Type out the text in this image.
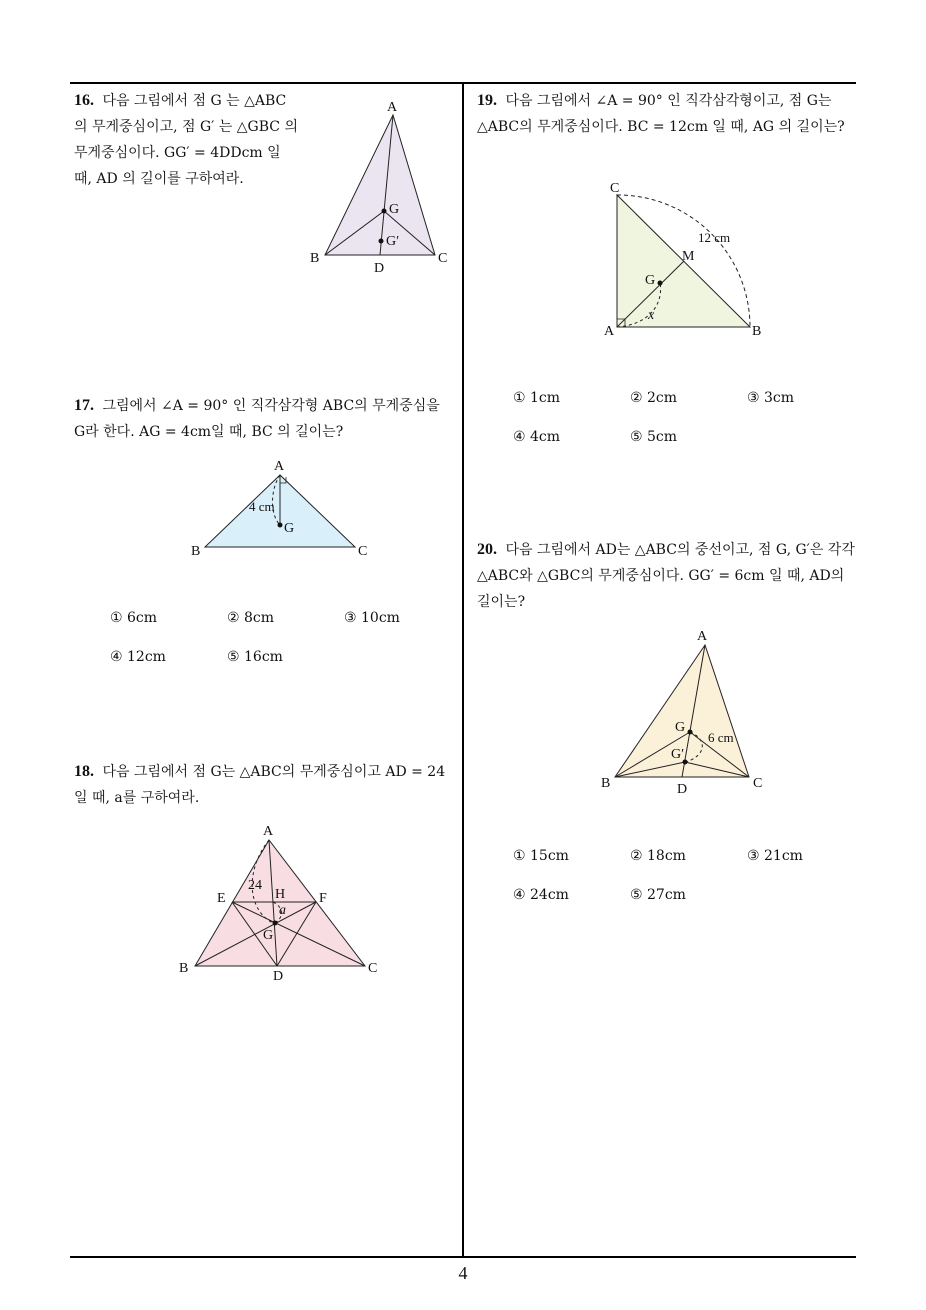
16. 다음 그림에서 점 G 는 △ABC 의 무게중심이고, 점 G′ 는 △GBC 의 무게중심이다. GG′ = 4DDcm 일 때, AD 의 길이를 구하여라.
A
B	C
D
G
G′
17. 그림에서 ∠A = 90° 인 직각삼각형 ABC의 무게중심을 G라 한다. AG = 4cm일 때, BC 의 길이는?
A
B	C
G
4 cm
① 6cm	② 8cm	③ 10cm
④ 12cm	⑤ 16cm
18. 다음 그림에서 점 G는 △ABC의 무게중심이고 AD = 24일 때, a를 구하여라.
A
B	C
D
E	F
G
H
24
a
19. 다음 그림에서 ∠A = 90° 인 직각삼각형이고, 점 G는 △ABC의 무게중심이다. BC = 12cm 일 때, AG 의 길이는?
C
A	B
M
G
12 cm
x
① 1cm	② 2cm	③ 3cm
④ 4cm	⑤ 5cm
20. 다음 그림에서 AD는 △ABC의 중선이고, 점 G, G′은 각각 △ABC와 △GBC의 무게중심이다. GG′ = 6cm 일 때, AD의 길이는?
A
B	C
D
G
G′
6 cm
① 15cm	② 18cm	③ 21cm
④ 24cm	⑤ 27cm
4
